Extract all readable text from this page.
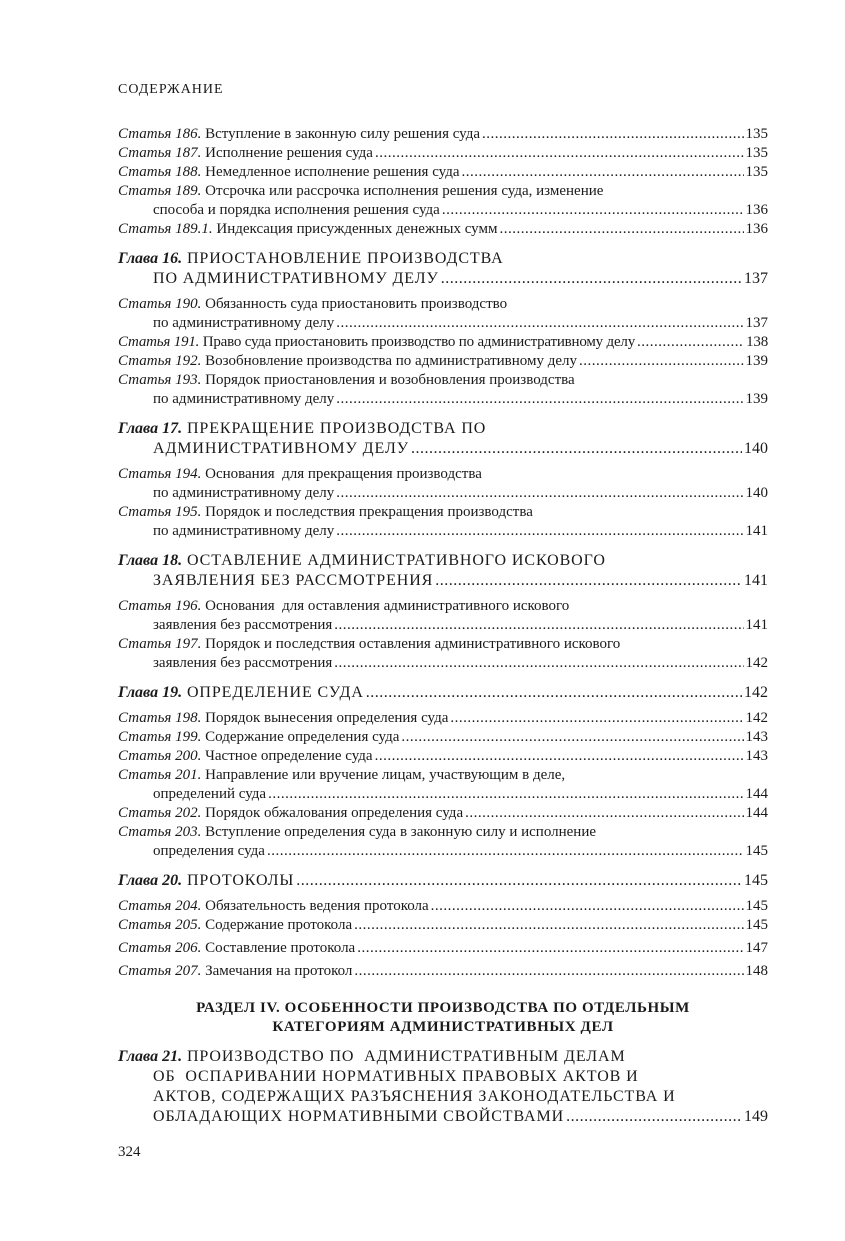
СОДЕРЖАНИЕ
Статья 186.
Вступление в законную силу решения суда .....	135
Статья 187.
Исполнение решения суда .....	135
Статья 188.
Немедленное исполнение решения суда .....	135
Статья 189.
Отсрочка или рассрочка исполнения решения суда, изменение
способа и порядка исполнения решения суда .....	136
Статья 189.1.
Индексация присужденных денежных сумм .....	136
Глава 16.
ПРИОСТАНОВЛЕНИЕ ПРОИЗВОДСТВА
ПО АДМИНИСТРАТИВНОМУ ДЕЛУ .....	137
Статья 190.
Обязанность суда приостановить производство
по административному делу .....	137
Статья 191.
Право суда приостановить производство по административному делу .....	138
Статья 192.
Возобновление производства по административному делу .....	139
Статья 193.
Порядок приостановления и возобновления производства
по административному делу .....	139
Глава 17.
ПРЕКРАЩЕНИЕ ПРОИЗВОДСТВА ПО
АДМИНИСТРАТИВНОМУ ДЕЛУ .....	140
Статья 194.
Основания  для прекращения производства
по административному делу .....	140
Статья 195.
Порядок и последствия прекращения производства
по административному делу .....	141
Глава 18.
ОСТАВЛЕНИЕ АДМИНИСТРАТИВНОГО ИСКОВОГО
ЗАЯВЛЕНИЯ БЕЗ РАССМОТРЕНИЯ .....	141
Статья 196.
Основания  для оставления административного искового
заявления без рассмотрения .....	141
Статья 197.
Порядок и последствия оставления административного искового
заявления без рассмотрения .....	142
Глава 19.
ОПРЕДЕЛЕНИЕ СУДА .....	142
Статья 198.
Порядок вынесения определения суда .....	142
Статья 199.
Содержание определения суда .....	143
Статья 200.
Частное определение суда .....	143
Статья 201.
Направление или вручение лицам, участвующим в деле,
определений суда .....	144
Статья 202.
Порядок обжалования определения суда .....	144
Статья 203.
Вступление определения суда в законную силу и исполнение
определения суда .....	145
Глава 20.
ПРОТОКОЛЫ .....	145
Статья 204.
Обязательность ведения протокола .....	145
Статья 205.
Содержание протокола .....	145
Статья 206.
Составление протокола .....	147
Статья 207.
Замечания на протокол .....	148
РАЗДЕЛ IV. ОСОБЕННОСТИ ПРОИЗВОДСТВА ПО ОТДЕЛЬНЫМ
КАТЕГОРИЯМ АДМИНИСТРАТИВНЫХ ДЕЛ
Глава 21.
ПРОИЗВОДСТВО ПО  АДМИНИСТРАТИВНЫМ ДЕЛАМ
ОБ  ОСПАРИВАНИИ НОРМАТИВНЫХ ПРАВОВЫХ АКТОВ И
АКТОВ, СОДЕРЖАЩИХ РАЗЪЯСНЕНИЯ ЗАКОНОДАТЕЛЬСТВА И
ОБЛАДАЮЩИХ НОРМАТИВНЫМИ СВОЙСТВАМИ .....	149
324
